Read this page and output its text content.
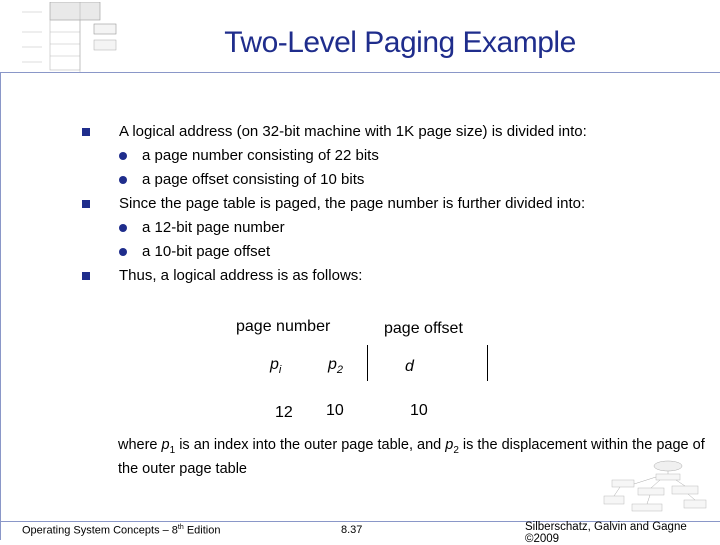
Two-Level Paging Example
A logical address (on 32-bit machine with 1K page size) is divided into:
a page number consisting of 22 bits
a page offset consisting of 10 bits
Since the page table is paged, the page number is further divided into:
a 12-bit page number
a 10-bit page offset
Thus, a logical address is as follows:
page number	page offset
$p_i$	$p_2$	d
12 10	10
where $p_1$ is an index into the outer page table, and $p_2$ is the displacement within the page of the outer page table
Operating System Concepts – 8th Edition	8.37	Silberschatz, Galvin and Gagne ©2009
